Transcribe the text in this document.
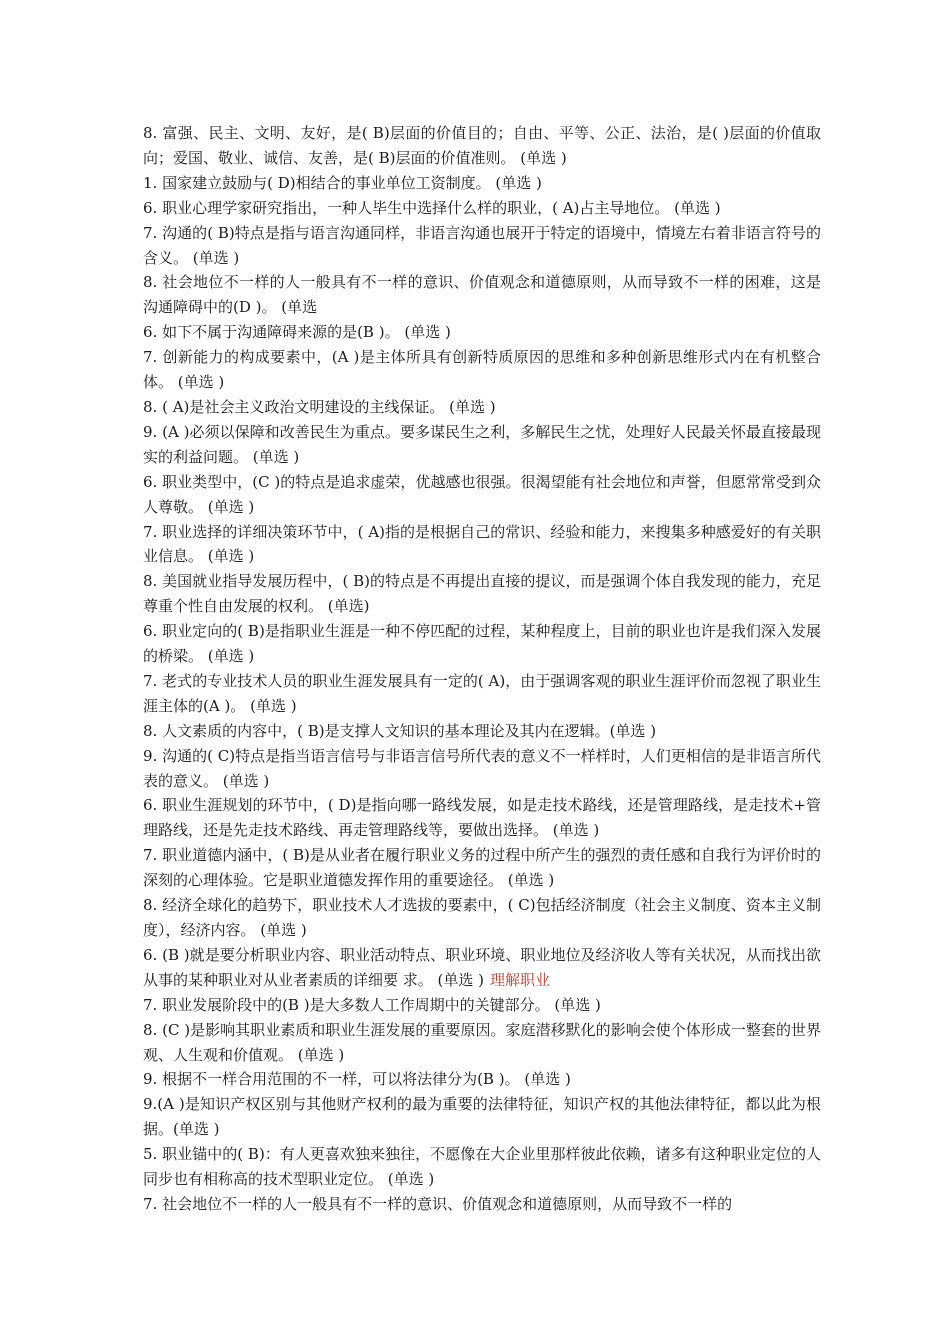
8. 富强、民主、文明、友好，是( B)层面的价值目的；自由、平等、公正、法治，是( )层面的价值取向；爱国、敬业、诚信、友善，是( B)层面的价值准则。 (单选 )

1. 国家建立鼓励与( D)相结合的事业单位工资制度。 (单选 )

6. 职业心理学家研究指出，一种人毕生中选择什么样的职业，( A)占主导地位。 (单选 )

7. 沟通的( B)特点是指与语言沟通同样，非语言沟通也展开于特定的语境中，情境左右着非语言符号的含义。 (单选 )

8. 社会地位不一样的人一般具有不一样的意识、价值观念和道德原则，从而导致不一样的困难，这是沟通障碍中的(D )。 (单选

6. 如下不属于沟通障碍来源的是(B )。 (单选 )

7. 创新能力的构成要素中，(A )是主体所具有创新特质原因的思维和多种创新思维形式内在有机整合体。 (单选 )

8. ( A)是社会主义政治文明建设的主线保证。 (单选 )

9. (A )必须以保障和改善民生为重点。要多谋民生之利，多解民生之忧，处理好人民最关怀最直接最现实的利益问题。 (单选 )

6. 职业类型中，(C )的特点是追求虚荣，优越感也很强。很渴望能有社会地位和声誉，但愿常常受到众人尊敬。 (单选 )

7. 职业选择的详细决策环节中，( A)指的是根据自己的常识、经验和能力，来搜集多种感爱好的有关职业信息。 (单选 )

8. 美国就业指导发展历程中，( B)的特点是不再提出直接的提议，而是强调个体自我发现的能力，充足尊重个性自由发展的权利。 (单选)

6. 职业定向的( B)是指职业生涯是一种不停匹配的过程，某种程度上，目前的职业也许是我们深入发展的桥梁。 (单选 )

7. 老式的专业技术人员的职业生涯发展具有一定的( A)，由于强调客观的职业生涯评价而忽视了职业生涯主体的(A )。 (单选 )

8. 人文素质的内容中，( B)是支撑人文知识的基本理论及其内在逻辑。(单选 )

9. 沟通的( C)特点是指当语言信号与非语言信号所代表的意义不一样样时，人们更相信的是非语言所代表的意义。 (单选 )

6. 职业生涯规划的环节中，( D)是指向哪一路线发展，如是走技术路线，还是管理路线，是走技术+管 理路线，还是先走技术路线、再走管理路线等，要做出选择。 (单选 )

7. 职业道德内涵中，( B)是从业者在履行职业义务的过程中所产生的强烈的责任感和自我行为评价时的 深刻的心理体验。它是职业道德发挥作用的重要途径。 (单选 )

8. 经济全球化的趋势下，职业技术人才选拔的要素中，( C)包括经济制度（社会主义制度、资本主义制 度），经济内容。 (单选 )

6. (B )就是要分析职业内容、职业活动特点、职业环境、职业地位及经济收人等有关状况，从而找出欲从事的某种职业对从业者素质的详细要 求。 (单选 ) 理解职业

7. 职业发展阶段中的(B )是大多数人工作周期中的关键部分。 (单选 )

8. (C )是影响其职业素质和职业生涯发展的重要原因。家庭潜移默化的影响会使个体形成一整套的世界观、人生观和价值观。 (单选 )

9. 根据不一样合用范围的不一样，可以将法律分为(B )。 (单选 )

9.(A )是知识产权区别与其他财产权利的最为重要的法律特征，知识产权的其他法律特征，都以此为根据。(单选 )

5. 职业锚中的( B)：有人更喜欢独来独往，不愿像在大企业里那样彼此依赖，诸多有这种职业定位的人同步也有相称高的技术型职业定位。 (单选 )

7. 社会地位不一样的人一般具有不一样的意识、价值观念和道德原则，从而导致不一样的
